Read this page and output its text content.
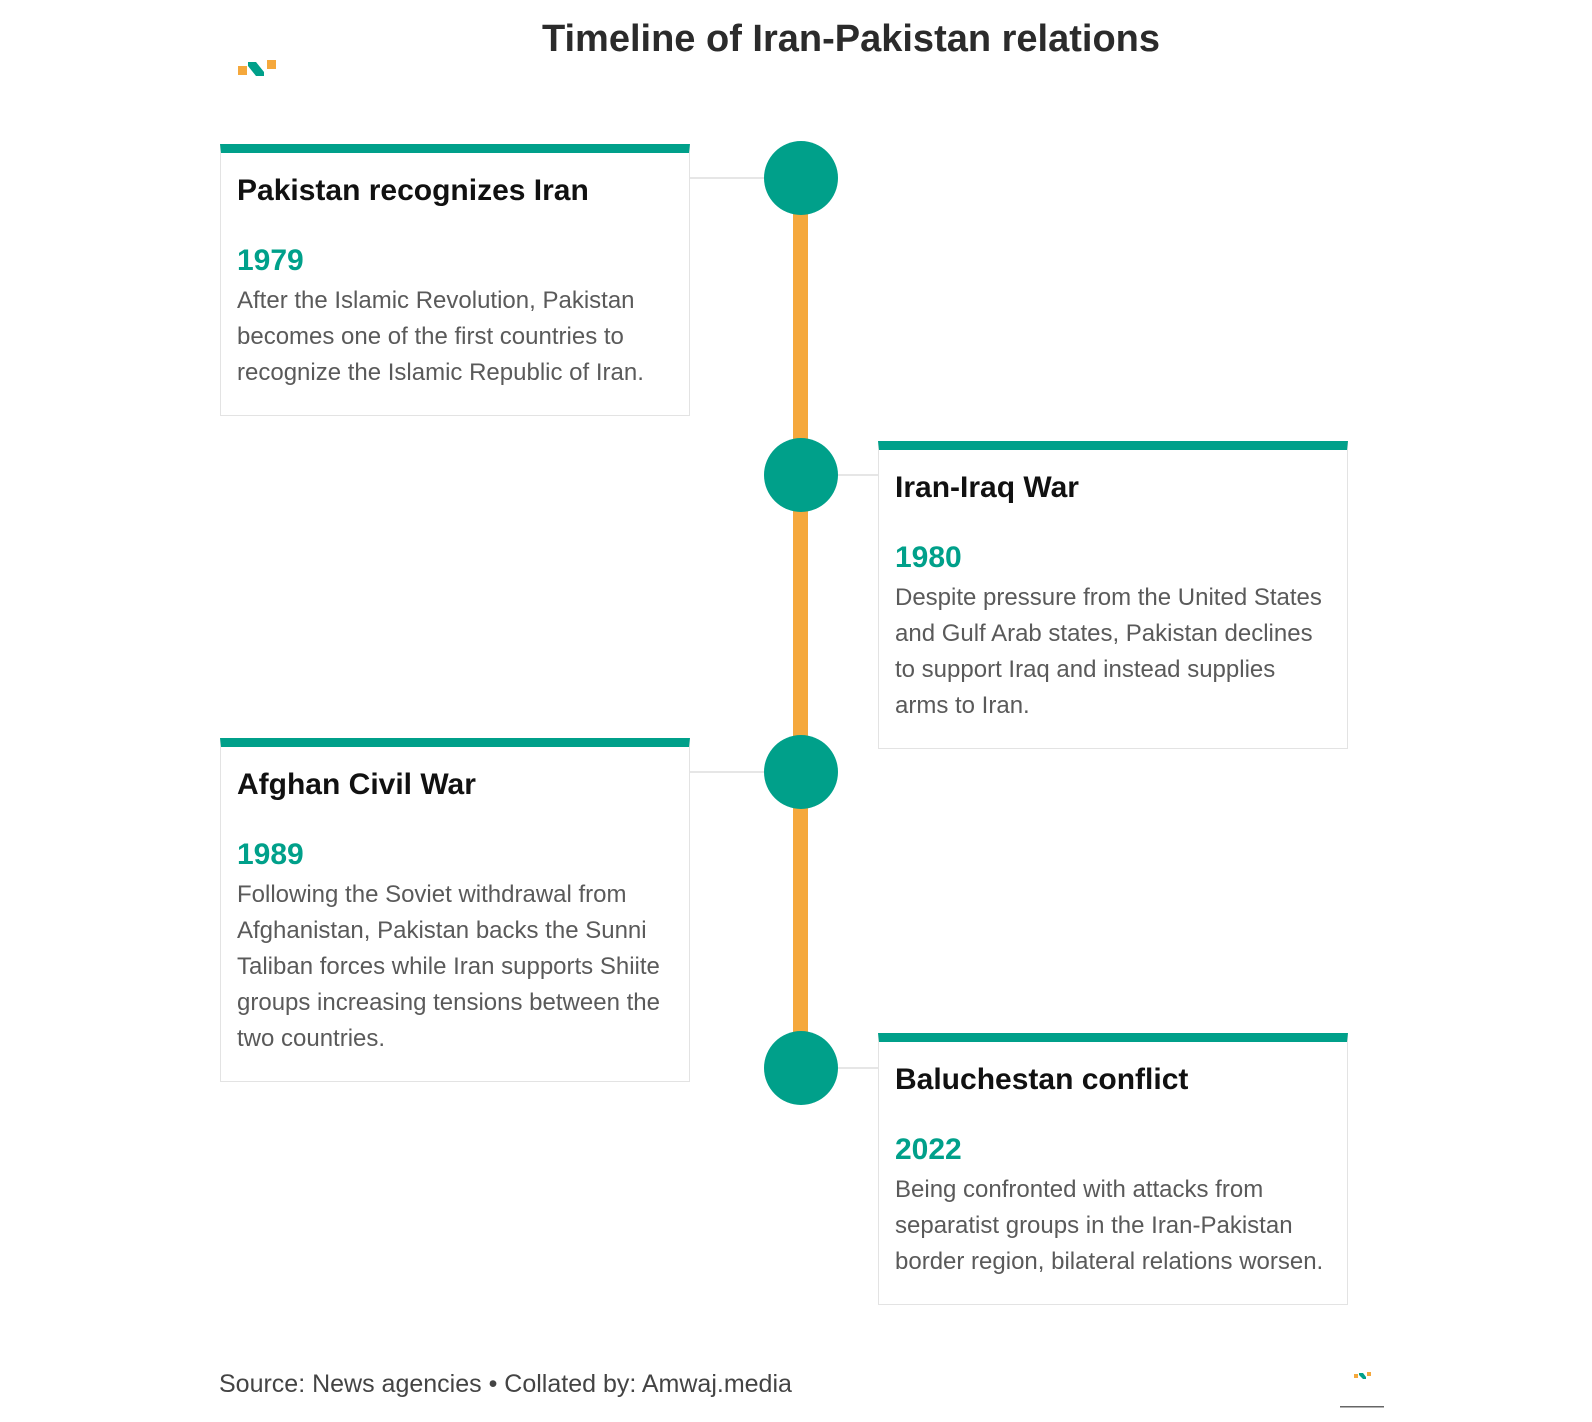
Timeline of Iran-Pakistan relations
Pakistan recognizes Iran
1979
After the Islamic Revolution, Pakistan becomes one of the first countries to recognize the Islamic Republic of Iran.
Iran-Iraq War
1980
Despite pressure from the United States and Gulf Arab states, Pakistan declines to support Iraq and instead supplies arms to Iran.
Afghan Civil War
1989
Following the Soviet withdrawal from Afghanistan, Pakistan backs the Sunni Taliban forces while Iran supports Shiite groups increasing tensions between the two countries.
Baluchestan conflict
2022
Being confronted with attacks from separatist groups in the Iran-Pakistan border region, bilateral relations worsen.
Source: News agencies • Collated by: Amwaj.media
